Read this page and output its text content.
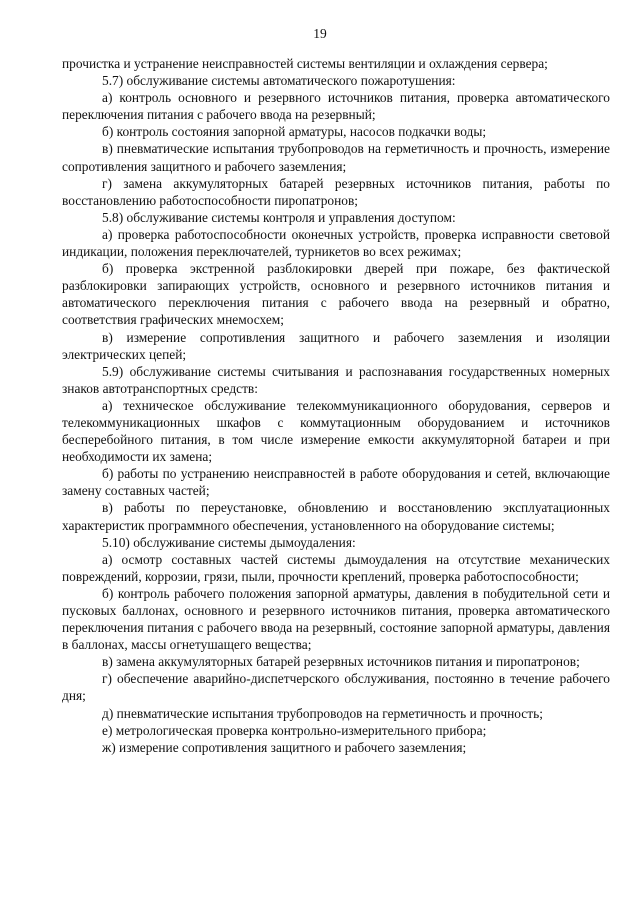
19

прочистка и устранение неисправностей системы вентиляции и охлаждения сервера;

5.7) обслуживание системы автоматического пожаротушения:

а) контроль основного и резервного источников питания, проверка автоматического переключения питания с рабочего ввода на резервный;

б) контроль состояния запорной арматуры, насосов подкачки воды;

в) пневматические испытания трубопроводов на герметичность и прочность, измерение сопротивления защитного и рабочего заземления;

г) замена аккумуляторных батарей резервных источников питания, работы по восстановлению работоспособности пиропатронов;

5.8) обслуживание системы контроля и управления доступом:

а) проверка работоспособности оконечных устройств, проверка исправности световой индикации, положения переключателей, турникетов во всех режимах;

б) проверка экстренной разблокировки дверей при пожаре, без фактической разблокировки запирающих устройств, основного и резервного источников питания и автоматического переключения питания с рабочего ввода на резервный и обратно, соответствия графических мнемосхем;

в) измерение сопротивления защитного и рабочего заземления и изоляции электрических цепей;

5.9) обслуживание системы считывания и распознавания государственных номерных знаков автотранспортных средств:

а) техническое обслуживание телекоммуникационного оборудования, серверов и телекоммуникационных шкафов с коммутационным оборудованием и источников бесперебойного питания, в том числе измерение емкости аккумуляторной батареи и при необходимости их замена;

б) работы по устранению неисправностей в работе оборудования и сетей, включающие замену составных частей;

в) работы по переустановке, обновлению и восстановлению эксплуатационных характеристик программного обеспечения, установленного на оборудование системы;

5.10) обслуживание системы дымоудаления:

а) осмотр составных частей системы дымоудаления на отсутствие механических повреждений, коррозии, грязи, пыли, прочности креплений, проверка работоспособности;

б) контроль рабочего положения запорной арматуры, давления в побудительной сети и пусковых баллонах, основного и резервного источников питания, проверка автоматического переключения питания с рабочего ввода на резервный, состояние запорной арматуры, давления в баллонах, массы огнетушащего вещества;

в) замена аккумуляторных батарей резервных источников питания и пиропатронов;

г) обеспечение аварийно-диспетчерского обслуживания, постоянно в течение рабочего дня;

д) пневматические испытания трубопроводов на герметичность и прочность;

е) метрологическая проверка контрольно-измерительного прибора;

ж) измерение сопротивления защитного и рабочего заземления;
